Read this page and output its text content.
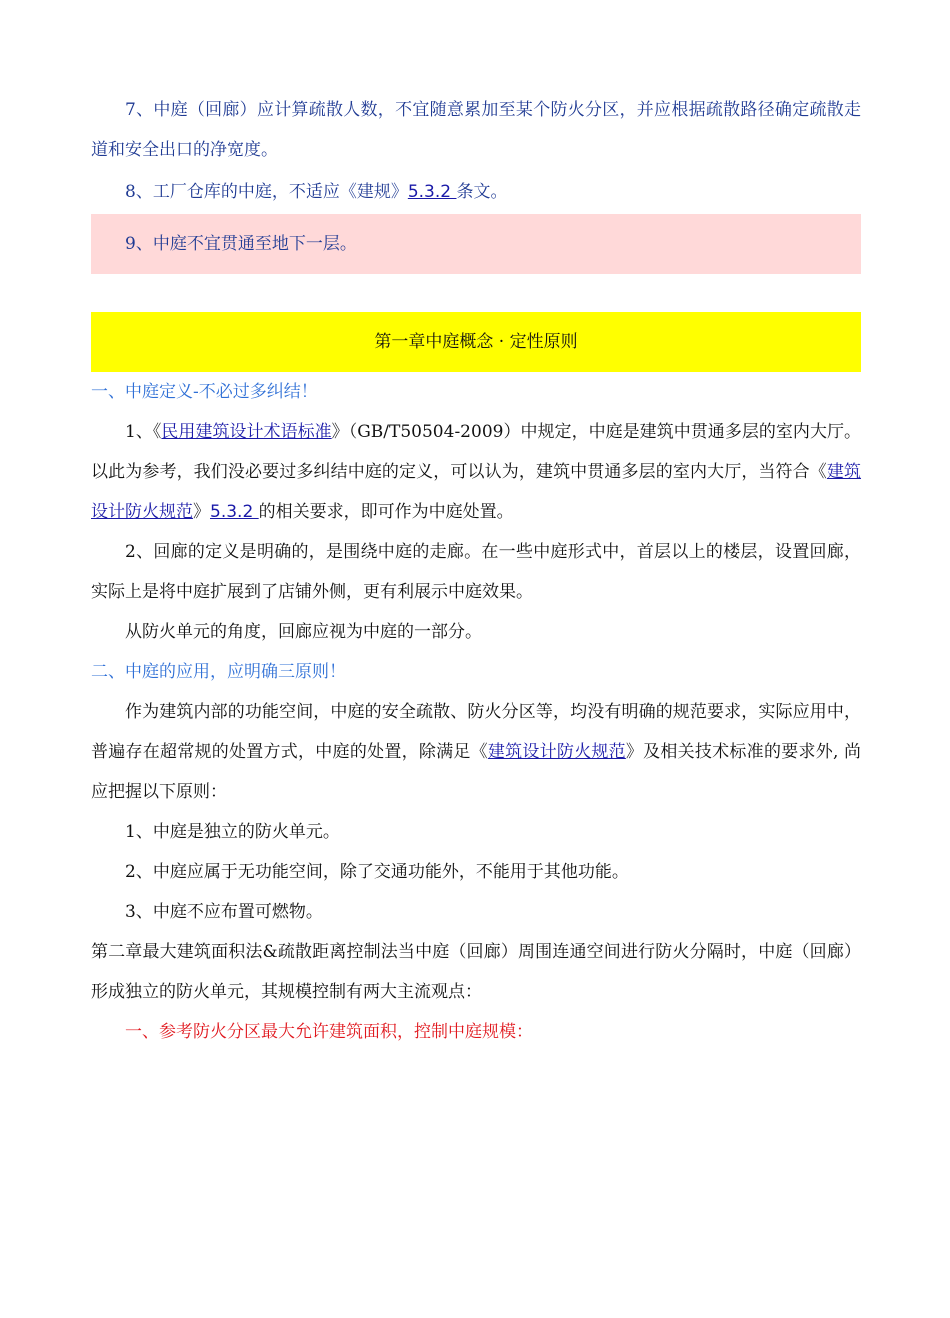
7、中庭（回廊）应计算疏散人数，不宜随意累加至某个防火分区，并应根据疏散路径确定疏散走道和安全出口的净宽度。

8、工厂仓库的中庭，不适应《建规》5.3.2 条文。

9、中庭不宜贯通至地下一层。

第一章中庭概念 · 定性原则

一、中庭定义-不必过多纠结！

1、《民用建筑设计术语标准》（GB/T50504-2009）中规定，中庭是建筑中贯通多层的室内大厅。以此为参考，我们没必要过多纠结中庭的定义，可以认为，建筑中贯通多层的室内大厅，当符合《建筑设计防火规范》5.3.2 的相关要求，即可作为中庭处置。

2、回廊的定义是明确的，是围绕中庭的走廊。在一些中庭形式中，首层以上的楼层，设置回廊，实际上是将中庭扩展到了店铺外侧，更有利展示中庭效果。

从防火单元的角度，回廊应视为中庭的一部分。

二、中庭的应用，应明确三原则！

作为建筑内部的功能空间，中庭的安全疏散、防火分区等，均没有明确的规范要求，实际应用中，普遍存在超常规的处置方式，中庭的处置，除满足《建筑设计防火规范》及相关技术标准的要求外, 尚应把握以下原则：

1、中庭是独立的防火单元。

2、中庭应属于无功能空间，除了交通功能外，不能用于其他功能。

3、中庭不应布置可燃物。

第二章最大建筑面积法&疏散距离控制法当中庭（回廊）周围连通空间进行防火分隔时，中庭（回廊）形成独立的防火单元，其规模控制有两大主流观点：

一、参考防火分区最大允许建筑面积，控制中庭规模：
